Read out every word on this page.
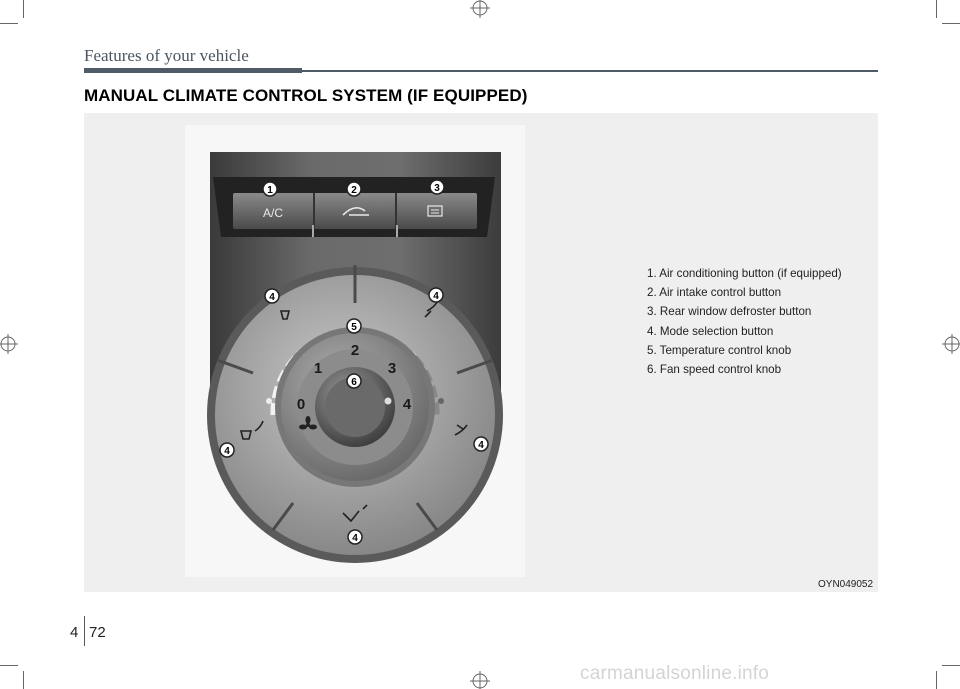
Features of your vehicle
MANUAL CLIMATE CONTROL SYSTEM (IF EQUIPPED)
A/C
0
1
2
3
4
1	2	3
4	4
4
4
4
5
6
1. Air conditioning button (if equipped)
2. Air intake control button
3. Rear window defroster button
4. Mode selection button
5. Temperature control knob
6. Fan speed control knob
OYN049052
4 72
carmanualsonline.info
